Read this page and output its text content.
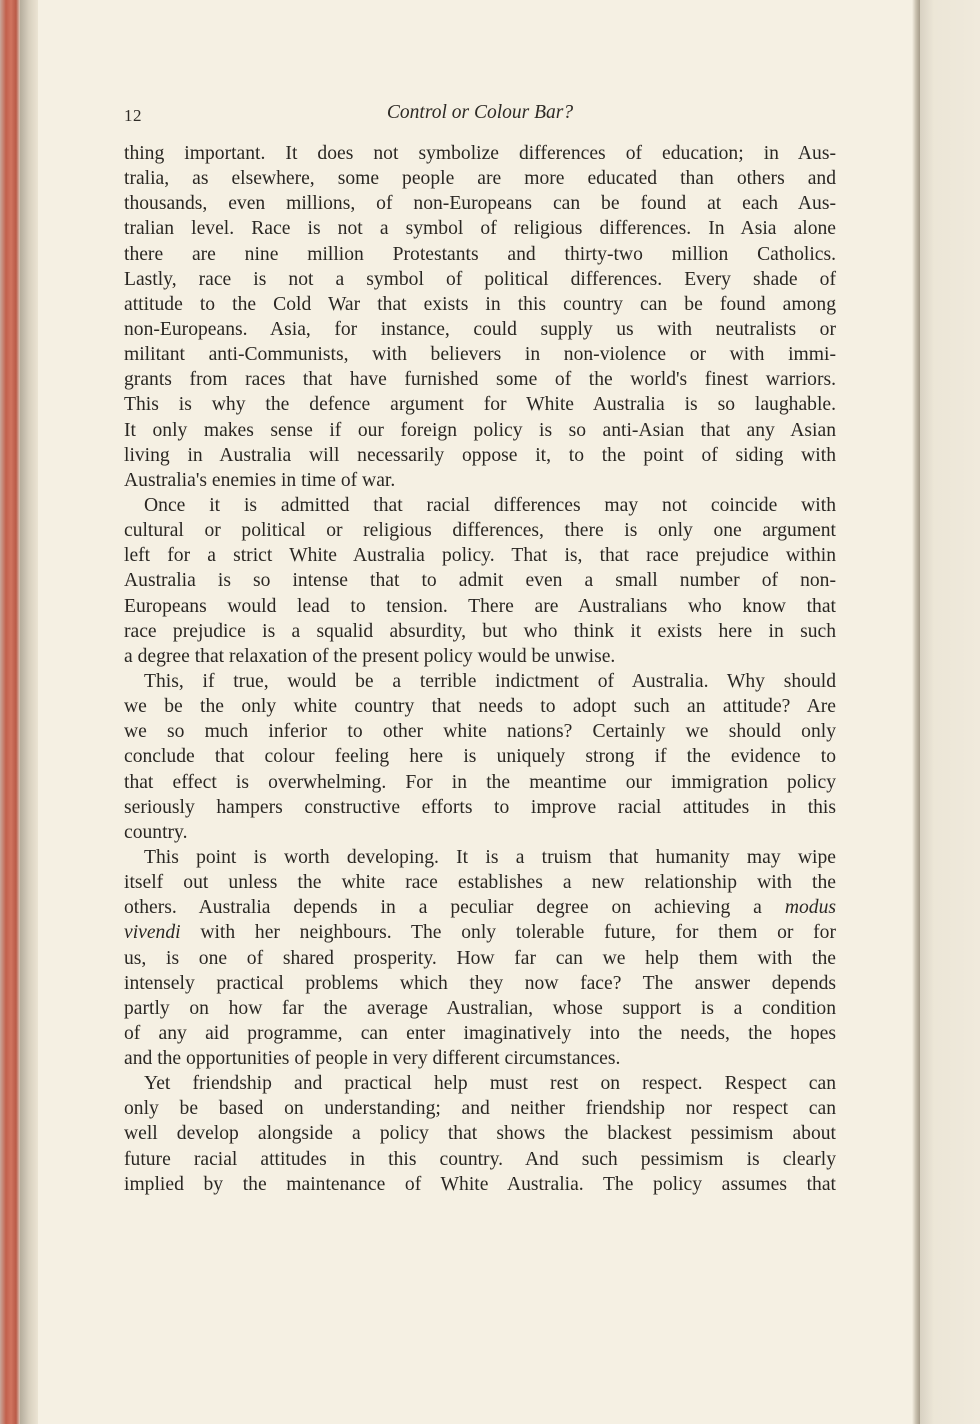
12	Control or Colour Bar?
thing important. It does not symbolize differences of education; in Aus-
tralia, as elsewhere, some people are more educated than others and
thousands, even millions, of non-Europeans can be found at each Aus-
tralian level. Race is not a symbol of religious differences. In Asia alone
there are nine million Protestants and thirty-two million Catholics.
Lastly, race is not a symbol of political differences. Every shade of
attitude to the Cold War that exists in this country can be found among
non-Europeans. Asia, for instance, could supply us with neutralists or
militant anti-Communists, with believers in non-violence or with immi-
grants from races that have furnished some of the world's finest warriors.
This is why the defence argument for White Australia is so laughable.
It only makes sense if our foreign policy is so anti-Asian that any Asian
living in Australia will necessarily oppose it, to the point of siding with
Australia's enemies in time of war.
Once it is admitted that racial differences may not coincide with
cultural or political or religious differences, there is only one argument
left for a strict White Australia policy. That is, that race prejudice within
Australia is so intense that to admit even a small number of non-
Europeans would lead to tension. There are Australians who know that
race prejudice is a squalid absurdity, but who think it exists here in such
a degree that relaxation of the present policy would be unwise.
This, if true, would be a terrible indictment of Australia. Why should
we be the only white country that needs to adopt such an attitude? Are
we so much inferior to other white nations? Certainly we should only
conclude that colour feeling here is uniquely strong if the evidence to
that effect is overwhelming. For in the meantime our immigration policy
seriously hampers constructive efforts to improve racial attitudes in this
country.
This point is worth developing. It is a truism that humanity may wipe
itself out unless the white race establishes a new relationship with the
others. Australia depends in a peculiar degree on achieving a modus
vivendi with her neighbours. The only tolerable future, for them or for
us, is one of shared prosperity. How far can we help them with the
intensely practical problems which they now face? The answer depends
partly on how far the average Australian, whose support is a condition
of any aid programme, can enter imaginatively into the needs, the hopes
and the opportunities of people in very different circumstances.
Yet friendship and practical help must rest on respect. Respect can
only be based on understanding; and neither friendship nor respect can
well develop alongside a policy that shows the blackest pessimism about
future racial attitudes in this country. And such pessimism is clearly
implied by the maintenance of White Australia. The policy assumes that
